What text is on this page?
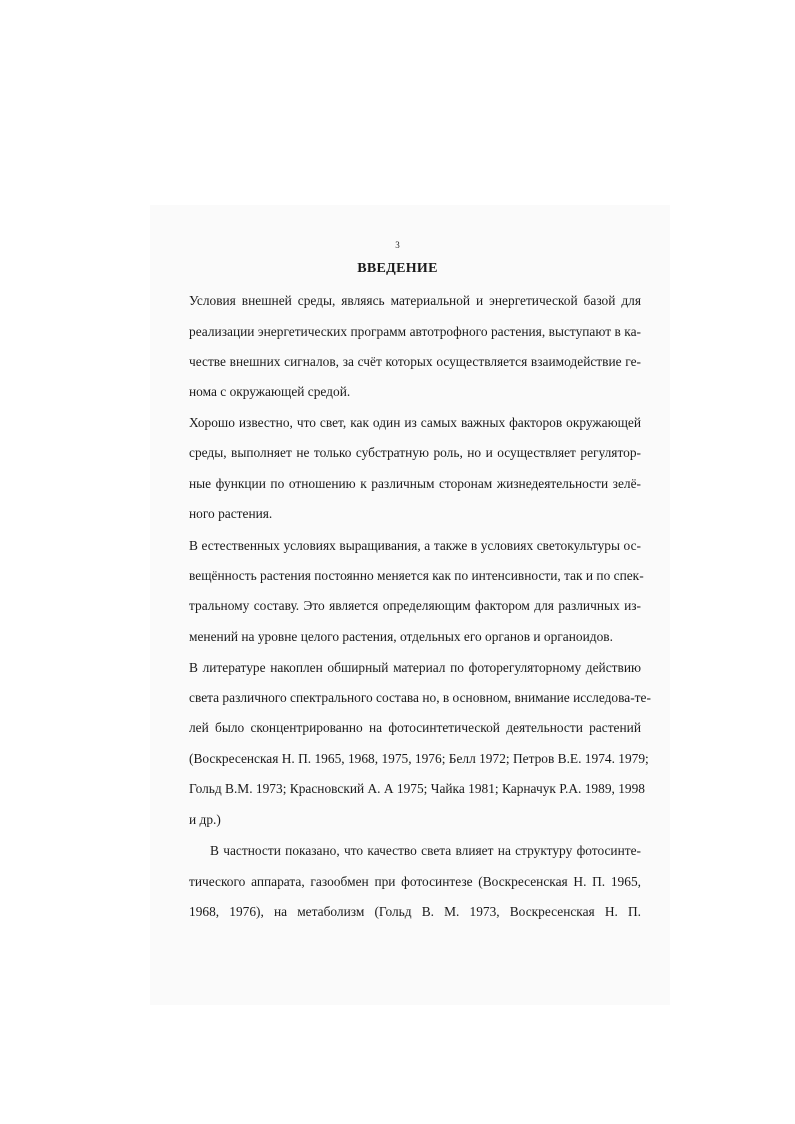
3
ВВЕДЕНИЕ
Условия внешней среды, являясь материальной и энергетической базой для
реализации энергетических программ автотрофного растения, выступают в ка-
честве внешних сигналов, за счёт которых осуществляется взаимодействие ге-
нома с окружающей средой.
Хорошо известно, что свет, как один из самых важных факторов окружающей
среды, выполняет не только субстратную роль, но и осуществляет регулятор-
ные функции по отношению к различным сторонам жизнедеятельности зелё-
ного растения.
В естественных условиях выращивания, а также в условиях светокультуры ос-
вещённость растения постоянно меняется как по интенсивности, так и по спек-
тральному составу. Это является определяющим фактором для различных из-
менений на уровне целого растения, отдельных его органов и органоидов.
В литературе накоплен обширный материал по фоторегуляторному действию
света различного спектрального состава но, в основном, внимание исследова-те-
лей было сконцентрированно на фотосинтетической деятельности растений
(Воскресенская Н. П. 1965, 1968, 1975, 1976; Белл 1972; Петров В.Е. 1974. 1979;
Гольд В.М. 1973; Красновский А. А 1975; Чайка 1981; Карначук Р.А. 1989, 1998
и др.)
В частности показано, что качество света влияет на структуру фотосинте-
тического аппарата, газообмен при фотосинтезе (Воскресенская Н. П. 1965,
1968, 1976), на метаболизм (Гольд В. М. 1973, Воскресенская Н. П.
